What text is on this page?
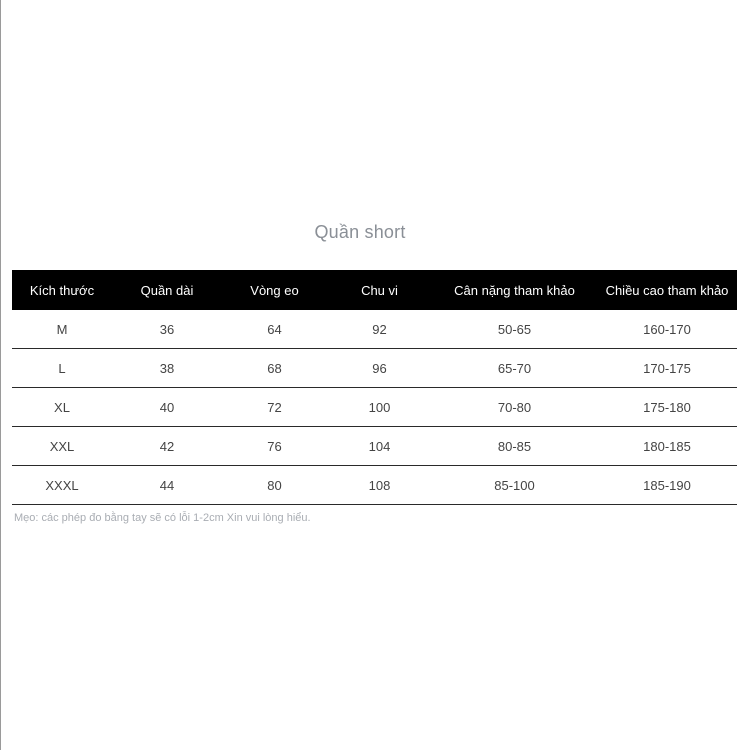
Quần short
Kích thước	Quần dài	Vòng eo	Chu vi	Cân nặng tham khảo	Chiều cao tham khảo
M	36	64	92	50-65	160-170
L	38	68	96	65-70	170-175
XL	40	72	100	70-80	175-180
XXL	42	76	104	80-85	180-185
XXXL	44	80	108	85-100	185-190
Mẹo: các phép đo bằng tay sẽ có lỗi 1-2cm Xin vui lòng hiểu.
